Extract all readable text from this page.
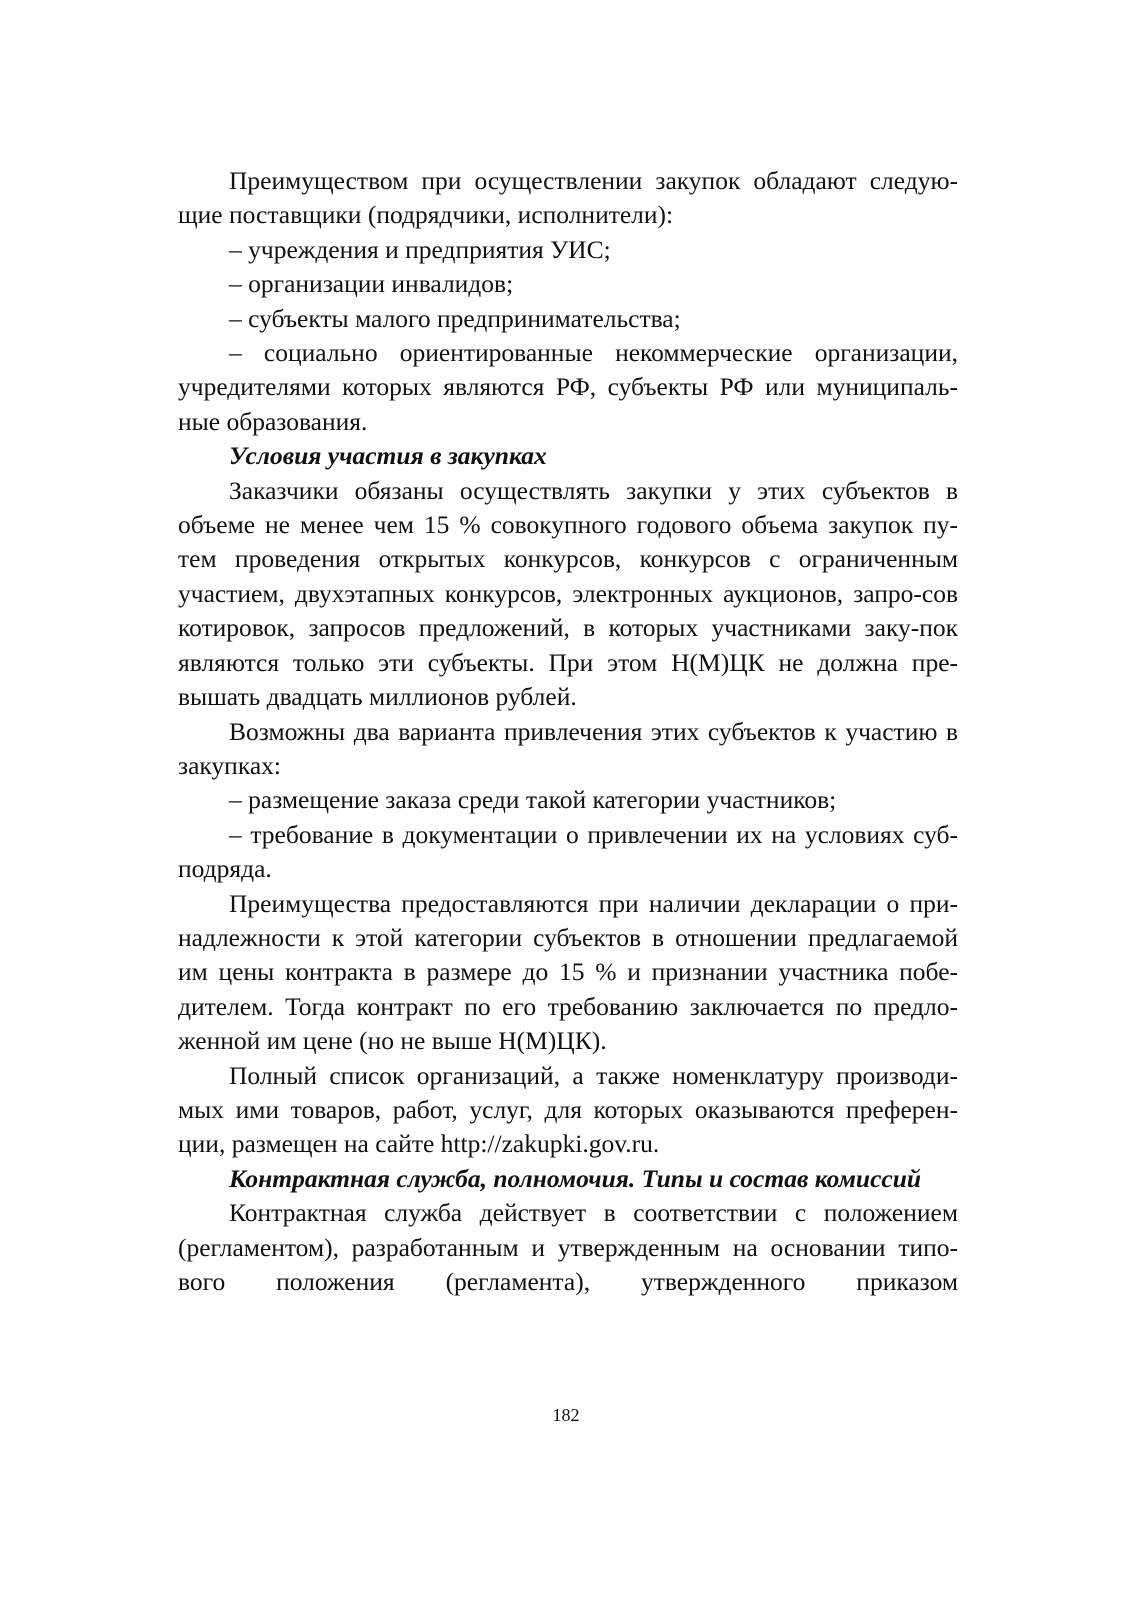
Преимуществом при осуществлении закупок обладают следую-щие поставщики (подрядчики, исполнители):

– учреждения и предприятия УИС;

– организации инвалидов;

– субъекты малого предпринимательства;

– социально ориентированные некоммерческие организации, учредителями которых являются РФ, субъекты РФ или муниципаль-ные образования.

Условия участия в закупках

Заказчики обязаны осуществлять закупки у этих субъектов в объеме не менее чем 15 % совокупного годового объема закупок пу-тем проведения открытых конкурсов, конкурсов с ограниченным участием, двухэтапных конкурсов, электронных аукционов, запро-сов котировок, запросов предложений, в которых участниками заку-пок являются только эти субъекты. При этом Н(М)ЦК не должна пре-вышать двадцать миллионов рублей.

Возможны два варианта привлечения этих субъектов к участию в закупках:

– размещение заказа среди такой категории участников;

– требование в документации о привлечении их на условиях суб-подряда.

Преимущества предоставляются при наличии декларации о при-надлежности к этой категории субъектов в отношении предлагаемой им цены контракта в размере до 15 % и признании участника побе-дителем. Тогда контракт по его требованию заключается по предло-женной им цене (но не выше Н(М)ЦК).

Полный список организаций, а также номенклатуру производи-мых ими товаров, работ, услуг, для которых оказываются преферен-ции, размещен на сайте http://zakupki.gov.ru.

Контрактная служба, полномочия. Типы и состав комиссий

Контрактная служба действует в соответствии с положением (регламентом), разработанным и утвержденным на основании типо-вого положения (регламента), утвержденного приказом

182
